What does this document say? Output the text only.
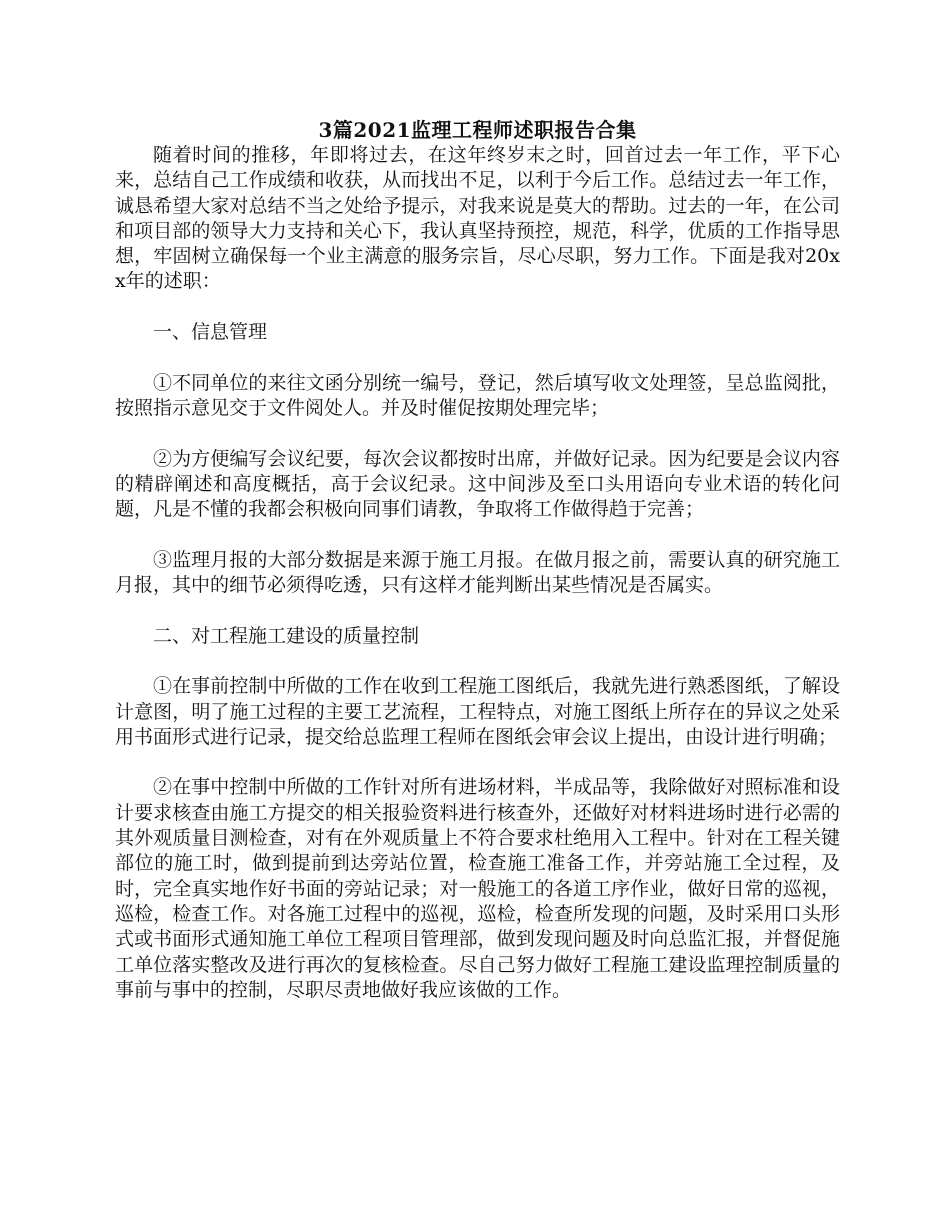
3篇2021监理工程师述职报告合集

随着时间的推移，年即将过去，在这年终岁末之时，回首过去一年工作，平下心来，总结自己工作成绩和收获，从而找出不足，以利于今后工作。总结过去一年工作，诚恳希望大家对总结不当之处给予提示，对我来说是莫大的帮助。过去的一年，在公司和项目部的领导大力支持和关心下，我认真坚持预控，规范，科学，优质的工作指导思想，牢固树立确保每一个业主满意的服务宗旨，尽心尽职，努力工作。下面是我对20xx年的述职：

一、信息管理

①不同单位的来往文函分别统一编号，登记，然后填写收文处理签，呈总监阅批，按照指示意见交于文件阅处人。并及时催促按期处理完毕；

②为方便编写会议纪要，每次会议都按时出席，并做好记录。因为纪要是会议内容的精辟阐述和高度概括，高于会议纪录。这中间涉及至口头用语向专业术语的转化问题，凡是不懂的我都会积极向同事们请教，争取将工作做得趋于完善；

③监理月报的大部分数据是来源于施工月报。在做月报之前，需要认真的研究施工月报，其中的细节必须得吃透，只有这样才能判断出某些情况是否属实。

二、对工程施工建设的质量控制

①在事前控制中所做的工作在收到工程施工图纸后，我就先进行熟悉图纸，了解设计意图，明了施工过程的主要工艺流程，工程特点，对施工图纸上所存在的异议之处采用书面形式进行记录，提交给总监理工程师在图纸会审会议上提出，由设计进行明确；

②在事中控制中所做的工作针对所有进场材料，半成品等，我除做好对照标准和设计要求核查由施工方提交的相关报验资料进行核查外，还做好对材料进场时进行必需的其外观质量目测检查，对有在外观质量上不符合要求杜绝用入工程中。针对在工程关键部位的施工时，做到提前到达旁站位置，检查施工准备工作，并旁站施工全过程，及时，完全真实地作好书面的旁站记录；对一般施工的各道工序作业，做好日常的巡视，巡检，检查工作。对各施工过程中的巡视，巡检，检查所发现的问题，及时采用口头形式或书面形式通知施工单位工程项目管理部，做到发现问题及时向总监汇报，并督促施工单位落实整改及进行再次的复核检查。尽自己努力做好工程施工建设监理控制质量的事前与事中的控制，尽职尽责地做好我应该做的工作。
